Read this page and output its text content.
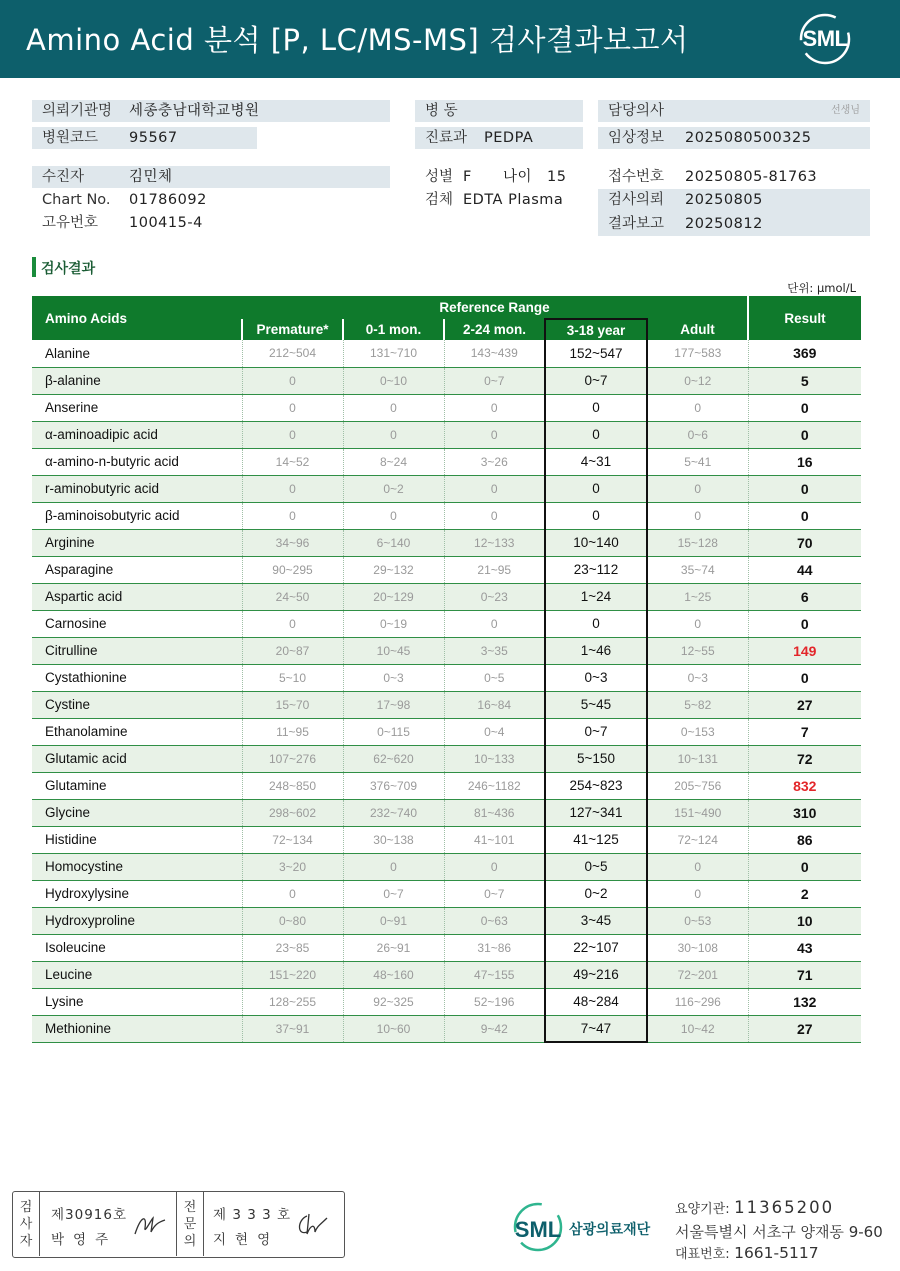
Amino Acid 분석 [P, LC/MS-MS] 검사결과보고서	SML
의뢰기관명 세종충남대학교병원
병원코드 95567
수진자	김민체
Chart No. 01786092
고유번호 100415-4
병 동
진료과 PEDPA
성별 F 나이 15
검체 EDTA Plasma
담당의사	선생님
임상정보 2025080500325
접수번호 20250805-81763
검사의뢰 20250805
결과보고 20250812
검사결과
단위: μmol/L
Amino Acids	Reference Range					Result
	Premature*	0-1 mon.	2-24 mon.	3-18 year	Adult	
Alanine	212~504	131~710	143~439	152~547	177~583	369
β-alanine	0	0~10	0~7	0~7	0~12	5
Anserine	0	0	0	0	0	0
α-aminoadipic acid	0	0	0	0	0~6	0
α-amino-n-butyric acid	14~52	8~24	3~26	4~31	5~41	16
r-aminobutyric acid	0	0~2	0	0	0	0
β-aminoisobutyric acid	0	0	0	0	0	0
Arginine	34~96	6~140	12~133	10~140	15~128	70
Asparagine	90~295	29~132	21~95	23~112	35~74	44
Aspartic acid	24~50	20~129	0~23	1~24	1~25	6
Carnosine	0	0~19	0	0	0	0
Citrulline	20~87	10~45	3~35	1~46	12~55	149
Cystathionine	5~10	0~3	0~5	0~3	0~3	0
Cystine	15~70	17~98	16~84	5~45	5~82	27
Ethanolamine	11~95	0~115	0~4	0~7	0~153	7
Glutamic acid	107~276	62~620	10~133	5~150	10~131	72
Glutamine	248~850	376~709	246~1182	254~823	205~756	832
Glycine	298~602	232~740	81~436	127~341	151~490	310
Histidine	72~134	30~138	41~101	41~125	72~124	86
Homocystine	3~20	0	0	0~5	0	0
Hydroxylysine	0	0~7	0~7	0~2	0	2
Hydroxyproline	0~80	0~91	0~63	3~45	0~53	10
Isoleucine	23~85	26~91	31~86	22~107	30~108	43
Leucine	151~220	48~160	47~155	49~216	72~201	71
Lysine	128~255	92~325	52~196	48~284	116~296	132
Methionine	37~91	10~60	9~42	7~47	10~42	27
검
사
자
제30916호
박영주
전
문
의
제 3 3 3 호
지현영	SML 삼광의료재단
요양기관: 11365200
서울특별시 서초구 양재동 9-60
대표번호: 1661-5117
